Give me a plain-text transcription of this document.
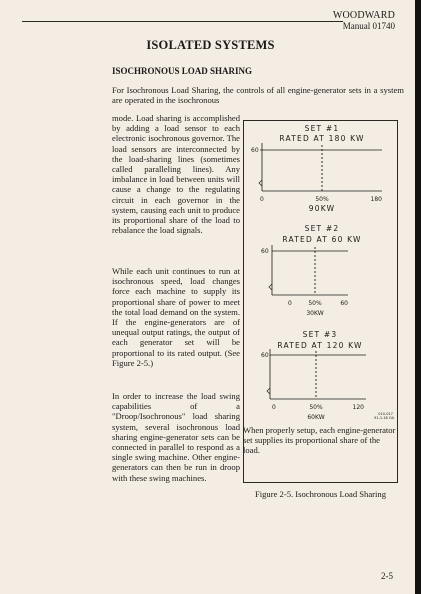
WOODWARD
Manual 01740
ISOLATED SYSTEMS
ISOCHRONOUS LOAD SHARING

For Isochronous Load Sharing, the controls of all engine-generator sets in a system are operated in the isochronous

mode. Load sharing is accomplished by adding a load sensor to each electronic isochronous governor. The load sensors are interconnected by the load-sharing lines (sometimes called paralleling lines). Any imbalance in load between units will cause a change to the regulating circuit in each governor in the system, causing each unit to produce its proportional share of the load to rebalance the load signals.

While each unit continues to run at isochronous speed, load changes force each machine to supply its proportional share of power to meet the total load demand on the system. If the engine-generators are of unequal output ratings, the output of each generator set will be proportional to its rated output. (See Figure 2-5.)

In order to increase the load swing capabilities of a "Droop/Isochronous" load sharing system, several isochronous load sharing engine-generator sets can be connected in parallel to respond as a single swing machine. Other engine-generators can then be run in droop with these swing machines.

SET #1
RATED AT 180 KW
60
0	50%	180
90KW
SET #2
RATED AT 60 KW
60
0	50%	60
30KW
SET #3
RATED AT 120 KW
60
0	50%	120
60KW	010-017 91-1-18 OA

When properly setup, each engine-generator set supplies its proportional share of the load.

Figure 2-5. Isochronous Load Sharing
2-5
